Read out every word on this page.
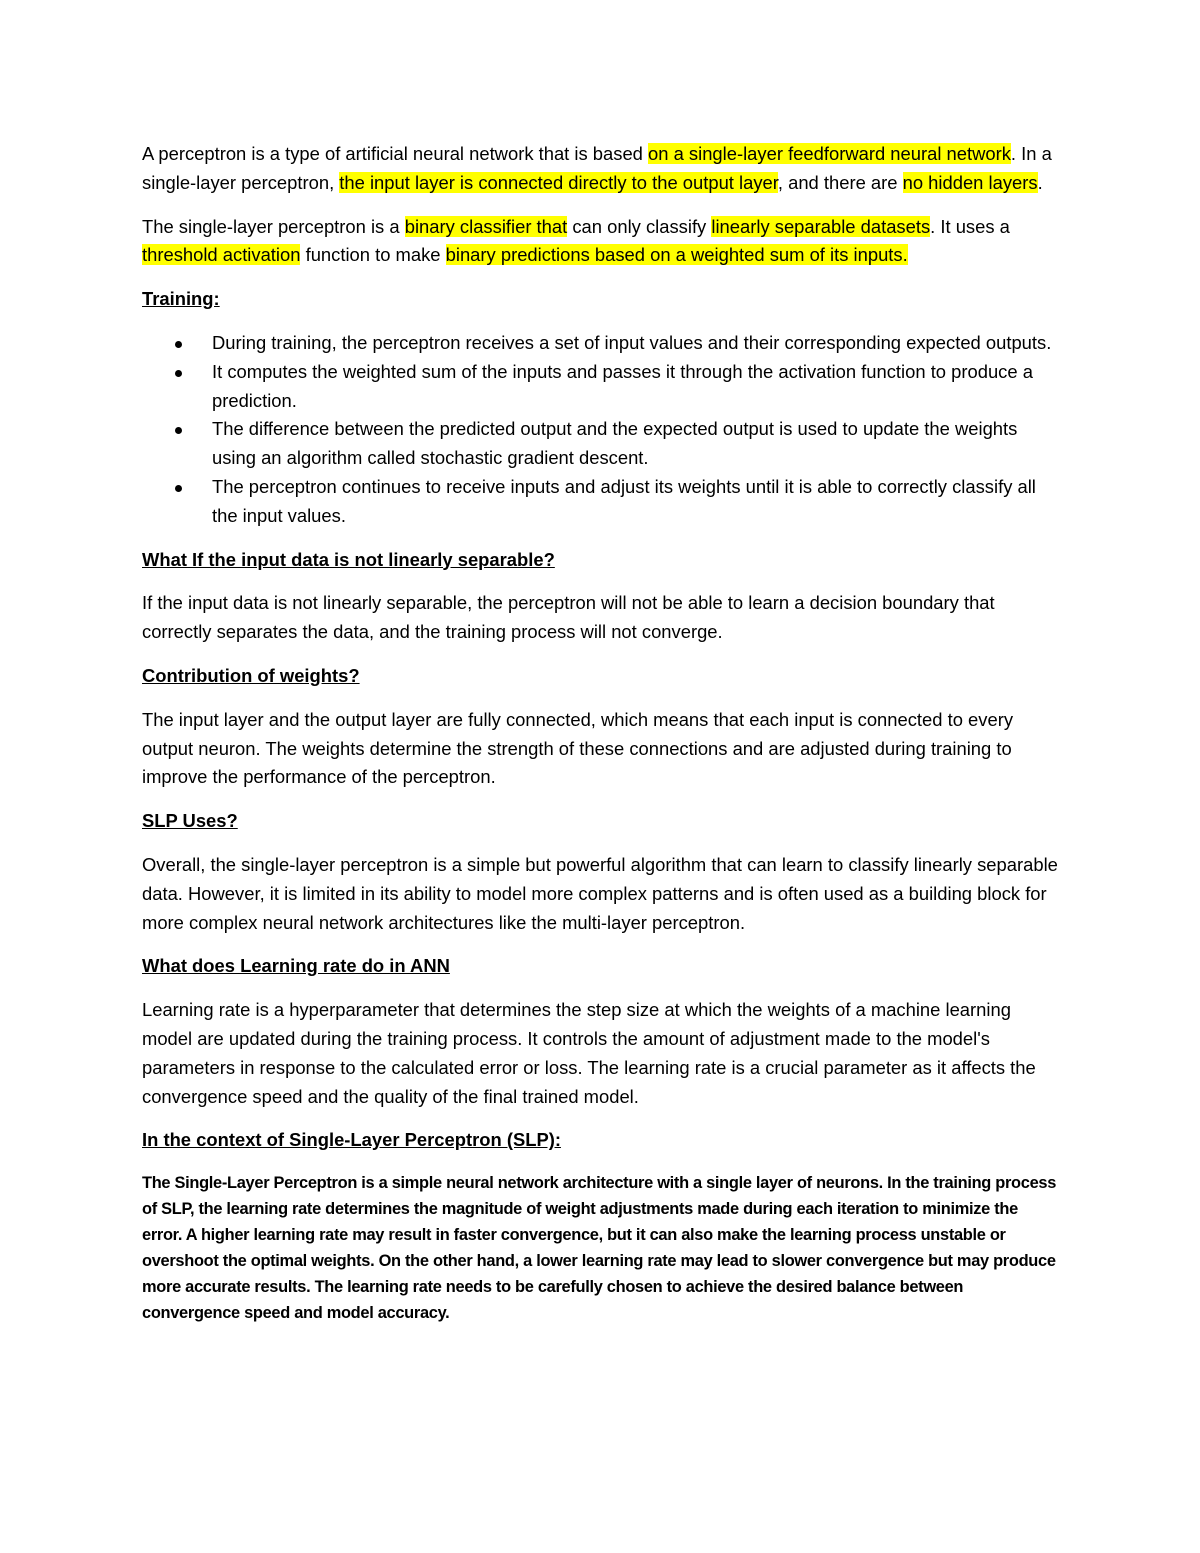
A perceptron is a type of artificial neural network that is based on a single-layer feedforward neural network. In a single-layer perceptron, the input layer is connected directly to the output layer, and there are no hidden layers.

The single-layer perceptron is a binary classifier that can only classify linearly separable datasets. It uses a threshold activation function to make binary predictions based on a weighted sum of its inputs.

Training:

During training, the perceptron receives a set of input values and their corresponding expected outputs.
It computes the weighted sum of the inputs and passes it through the activation function to produce a prediction.
The difference between the predicted output and the expected output is used to update the weights using an algorithm called stochastic gradient descent.
The perceptron continues to receive inputs and adjust its weights until it is able to correctly classify all the input values.

What If the input data is not linearly separable?

If the input data is not linearly separable, the perceptron will not be able to learn a decision boundary that correctly separates the data, and the training process will not converge.

Contribution of weights?

The input layer and the output layer are fully connected, which means that each input is connected to every output neuron. The weights determine the strength of these connections and are adjusted during training to improve the performance of the perceptron.

SLP Uses?

Overall, the single-layer perceptron is a simple but powerful algorithm that can learn to classify linearly separable data. However, it is limited in its ability to model more complex patterns and is often used as a building block for more complex neural network architectures like the multi-layer perceptron.

What does Learning rate do in ANN

Learning rate is a hyperparameter that determines the step size at which the weights of a machine learning model are updated during the training process. It controls the amount of adjustment made to the model's parameters in response to the calculated error or loss. The learning rate is a crucial parameter as it affects the convergence speed and the quality of the final trained model.

In the context of Single-Layer Perceptron (SLP):

The Single-Layer Perceptron is a simple neural network architecture with a single layer of neurons. In the training process of SLP, the learning rate determines the magnitude of weight adjustments made during each iteration to minimize the error. A higher learning rate may result in faster convergence, but it can also make the learning process unstable or overshoot the optimal weights. On the other hand, a lower learning rate may lead to slower convergence but may produce more accurate results. The learning rate needs to be carefully chosen to achieve the desired balance between convergence speed and model accuracy.
